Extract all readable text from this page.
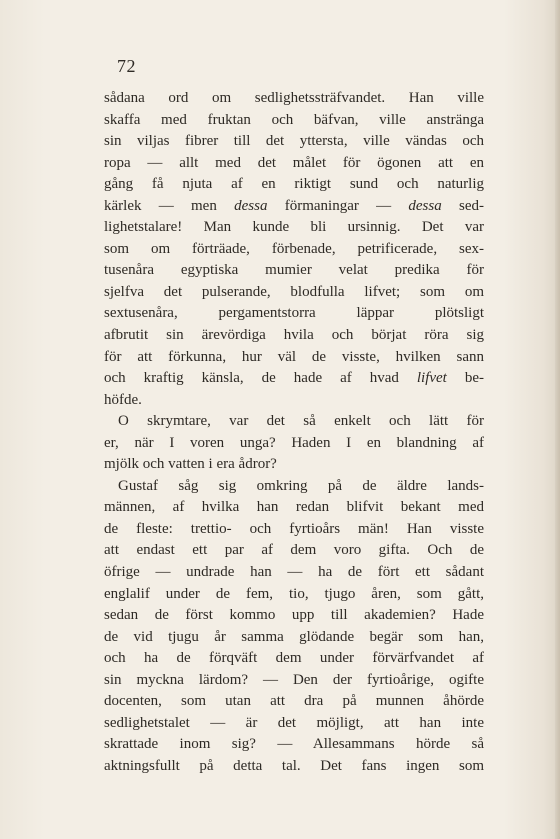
72
sådana ord om sedlighetssträfvandet. Han ville
skaffa med fruktan och bäfvan, ville anstränga
sin viljas fibrer till det yttersta, ville vändas och
ropa — allt med det målet för ögonen att en
gång få njuta af en riktigt sund och naturlig
kärlek — men dessa förmaningar — dessa sed-
lighetstalare! Man kunde bli ursinnig. Det var
som om förträade, förbenade, petrificerade, sex-
tusenåra egyptiska mumier velat predika för
sjelfva det pulserande, blodfulla lifvet; som om
sextusenåra, pergamentstorra läppar plötsligt
afbrutit sin ärevördiga hvila och börjat röra sig
för att förkunna, hur väl de visste, hvilken sann
och kraftig känsla, de hade af hvad lifvet be-
höfde.
O skrymtare, var det så enkelt och lätt för
er, när I voren unga? Haden I en blandning af
mjölk och vatten i era ådror?
Gustaf såg sig omkring på de äldre lands-
männen, af hvilka han redan blifvit bekant med
de fleste: trettio- och fyrtioårs män! Han visste
att endast ett par af dem voro gifta. Och de
öfrige — undrade han — ha de fört ett sådant
englalif under de fem, tio, tjugo åren, som gått,
sedan de först kommo upp till akademien? Hade
de vid tjugu år samma glödande begär som han,
och ha de förqväft dem under förvärfvandet af
sin myckna lärdom? — Den der fyrtioårige, ogifte
docenten, som utan att dra på munnen åhörde
sedlighetstalet — är det möjligt, att han inte
skrattade inom sig? — Allesammans hörde så
aktningsfullt på detta tal. Det fans ingen som
